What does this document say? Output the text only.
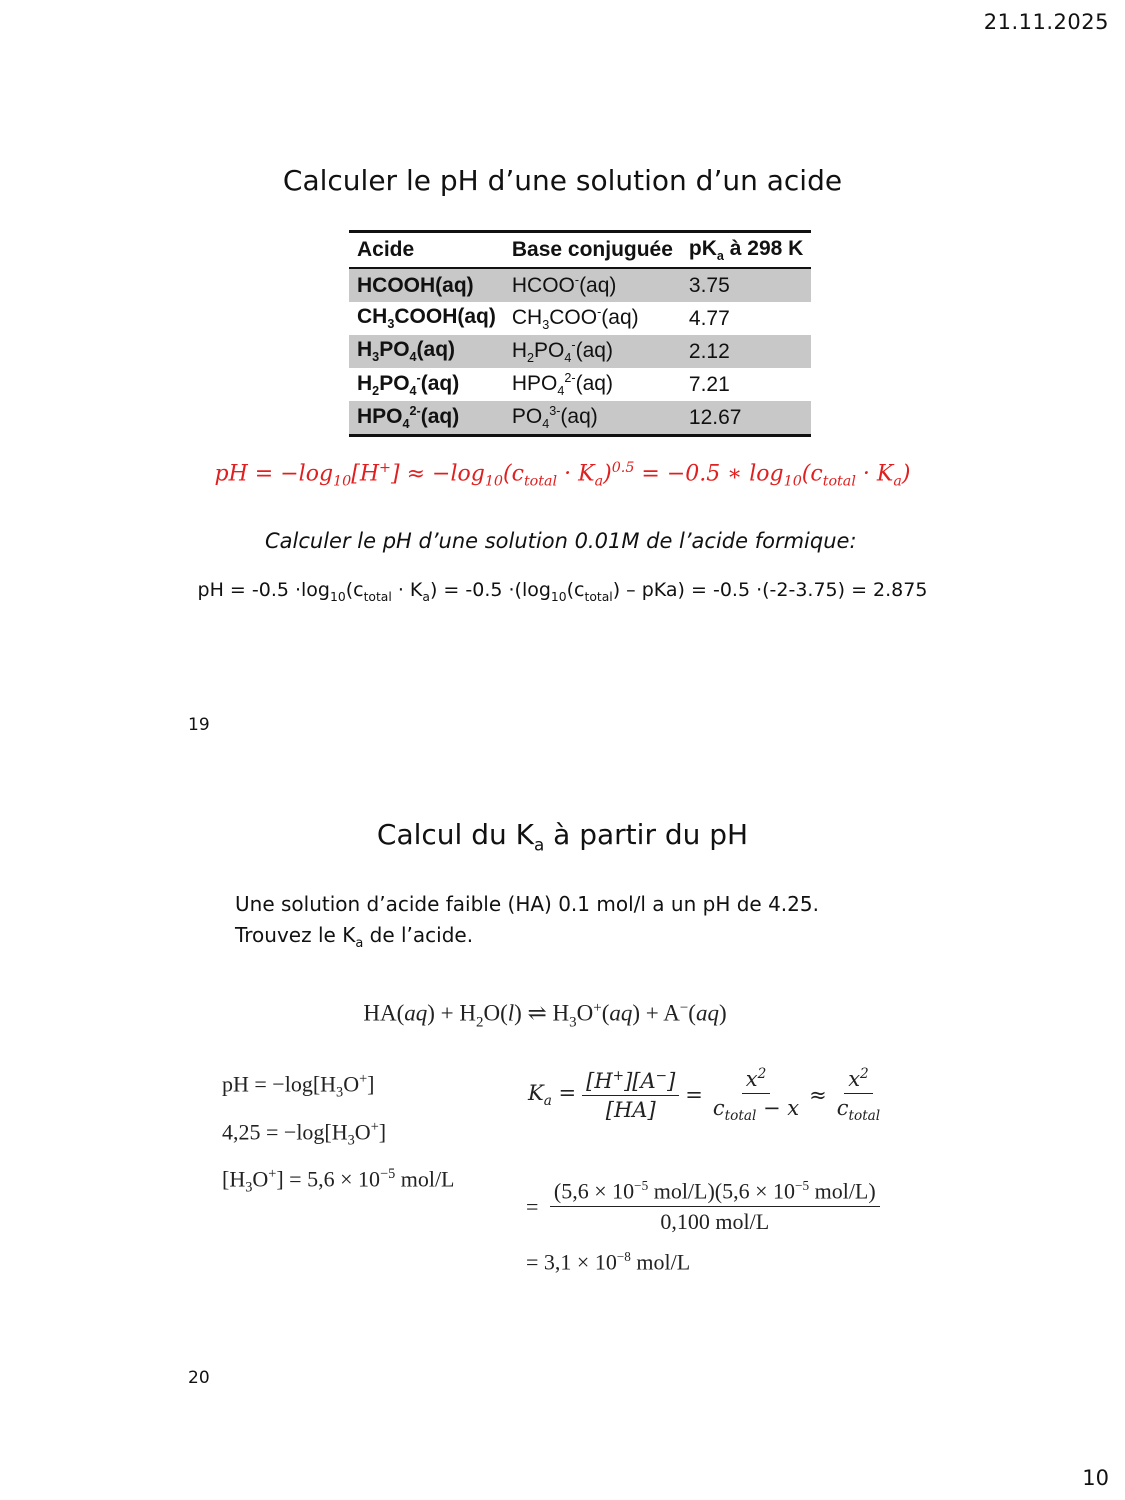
21.11.2025
Calculer le pH d’une solution d’un acide
Acide	Base conjuguée	$pK_a$ à 298 K
HCOOH(aq)	HCOO-(aq)	3.75
$CH_3COOH(aq)$	$CH_3COO^-(aq)$	4.77
$H_3PO_4(aq)$	$H_2PO_4^-(aq)$	2.12
$H_2PO_4^-(aq)$	$HPO_4^{2-}(aq)$	7.21
$HPO_4^{2-}(aq)$	$PO_4^{3-}(aq)$	12.67
pH = $-\log_{10}[H^+] \approx -\log_{10}(c_{total} \cdot K_a)^{0.5} = -0.5$ ∗ $\log_{10}(c_{total} \cdot K_a)$
Calculer le pH d’une solution 0.01M de l’acide formique:
pH = $-0.5 \cdot\log_{10}(c_{total} \cdot K_a) = -0.5 \cdot(\log_{10}(c_{total}) - pKa) = -0.5 \cdot(-2-3.75) = 2.875$
19
Calcul du $K_a$ à partir du pH
Une solution d’acide faible (HA) 0.1 mol/l a un pH de 4.25.
Trouvez le $K_a$ de l’acide.
$HA(aq) + H_2O(l)$ ⇌ $H_3O^+(aq) + A^-(aq)$
pH = $-\log[H_3O^+]$
$4,25 = -\log[H_3O^+]$
$[H_3O^+] = 5,6 \times 10^{-5}$ mol/L
$K_a = \frac{[H^+][A^-]}{[HA]} = \frac{x^2}{c_{total} - x} \approx \frac{x^2}{c_{total}}$
= $\frac{(5,6 \times 10^{-5} mol/L)(5,6 \times 10^{-5} mol/L)}{\text{0,100 mol/L}}$
= $3,1 \times 10^{-8}$ mol/L
20
10
